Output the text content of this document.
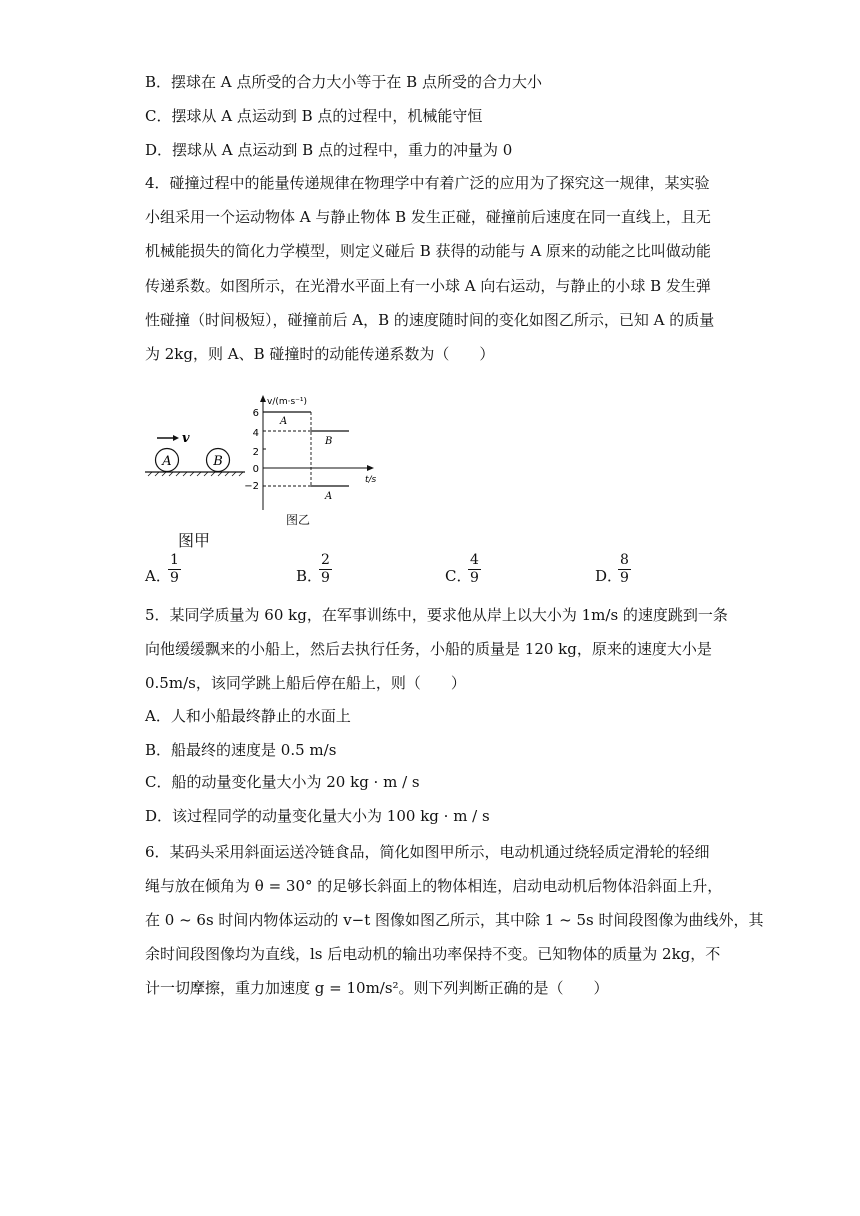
B．摆球在 A 点所受的合力大小等于在 B 点所受的合力大小
C．摆球从 A 点运动到 B 点的过程中，机械能守恒
D．摆球从 A 点运动到 B 点的过程中，重力的冲量为 0
4．碰撞过程中的能量传递规律在物理学中有着广泛的应用为了探究这一规律，某实验
小组采用一个运动物体 A 与静止物体 B 发生正碰，碰撞前后速度在同一直线上，且无
机械能损失的简化力学模型，则定义碰后 B 获得的动能与 A 原来的动能之比叫做动能
传递系数。如图所示，在光滑水平面上有一小球 A 向右运动，与静止的小球 B 发生弹
性碰撞（时间极短），碰撞前后 A，B 的速度随时间的变化如图乙所示，已知 A 的质量
为 2kg，则 A、B 碰撞时的动能传递系数为（　　）
v
A	B
图甲
v/(m·s⁻¹)
t/s
6
4
2
0
−2
A
B
A
图乙
A．
$\frac{1}{9}$	B．
$\frac{2}{9}$	C．
$\frac{4}{9}$	D．
$\frac{8}{9}$
5．某同学质量为 60 kg，在军事训练中，要求他从岸上以大小为 1m/s 的速度跳到一条
向他缓缓飘来的小船上，然后去执行任务，小船的质量是 120 kg，原来的速度大小是
0.5m/s，该同学跳上船后停在船上，则（　　）
A．人和小船最终静止的水面上
B．船最终的速度是 0.5 m/s
C．船的动量变化量大小为 20 kg · m / s
D．该过程同学的动量变化量大小为 100 kg · m / s
6．某码头采用斜面运送冷链食品，简化如图甲所示，电动机通过绕轻质定滑轮的轻细
绳与放在倾角为 θ = 30° 的足够长斜面上的物体相连，启动电动机后物体沿斜面上升，
在 0 ~ 6s 时间内物体运动的 v−t 图像如图乙所示，其中除 1 ~ 5s 时间段图像为曲线外，其
余时间段图像均为直线，ls 后电动机的输出功率保持不变。已知物体的质量为 2kg，不
计一切摩擦，重力加速度 g = 10m/s²。则下列判断正确的是（　　）
